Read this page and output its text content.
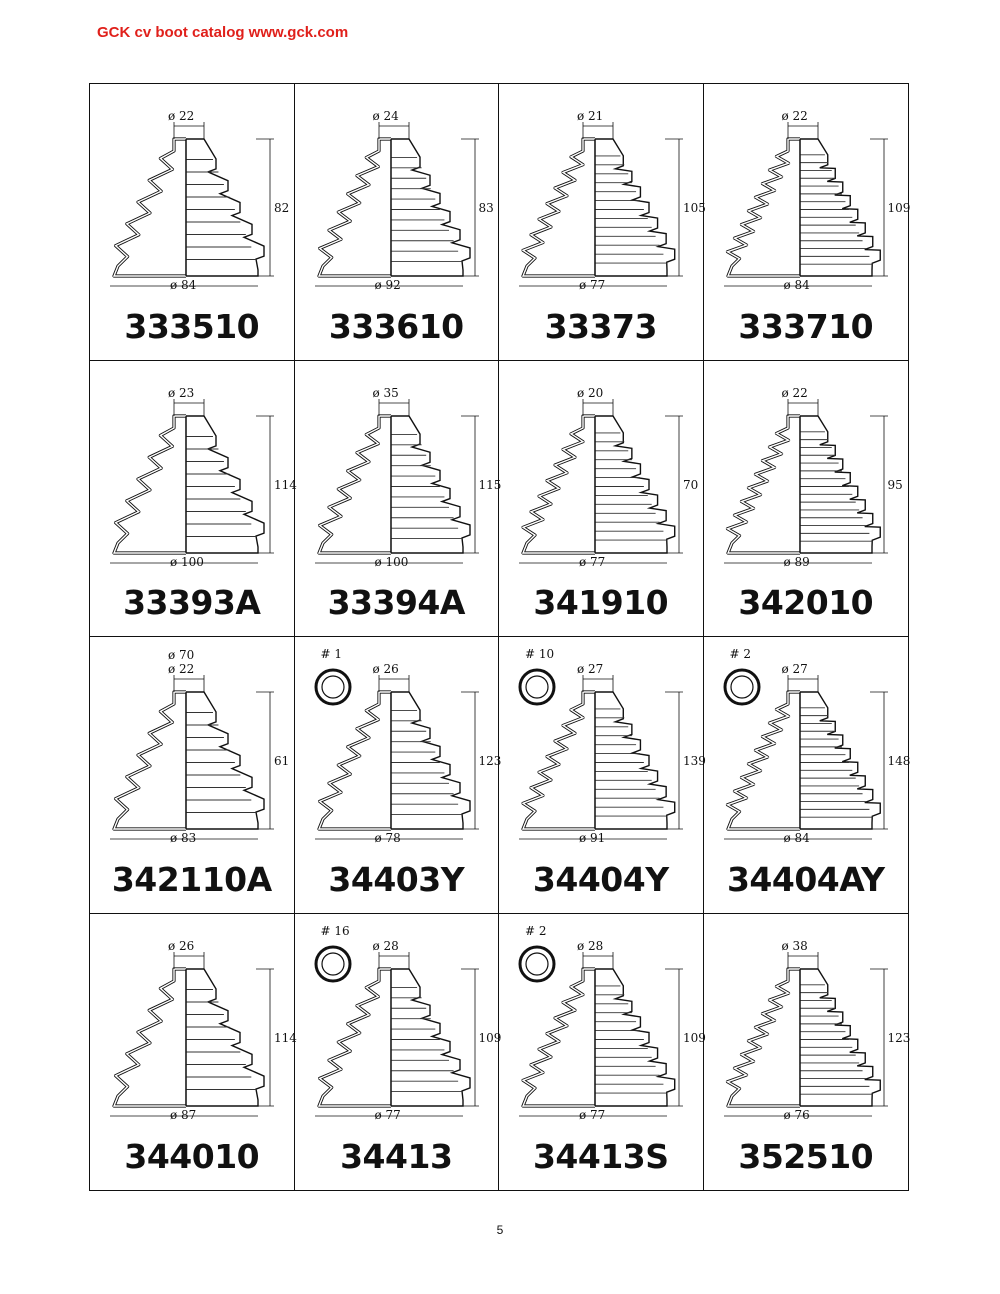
GCK cv boot catalog www.gck.com
ø 22
82
ø 84
333510
ø 24
83
ø 92
333610
ø 21
105
ø 77
33373
ø 22
109
ø 84
333710
ø 23
114
ø 100
33393A
ø 35
115
ø 100
33394A
ø 20
70
ø 77
341910
ø 22
95
ø 89
342010
ø 22
61
ø 83
ø 70
342110A
ø 26
123
ø 78
# 1
34403Y
ø 27
139
ø 91
# 10
34404Y
ø 27
148
ø 84
# 2
34404AY
ø 26
114
ø 87
344010
ø 28
109
ø 77
# 16
34413
ø 28
109
ø 77
# 2
34413S
ø 38
123
ø 76
352510
5
